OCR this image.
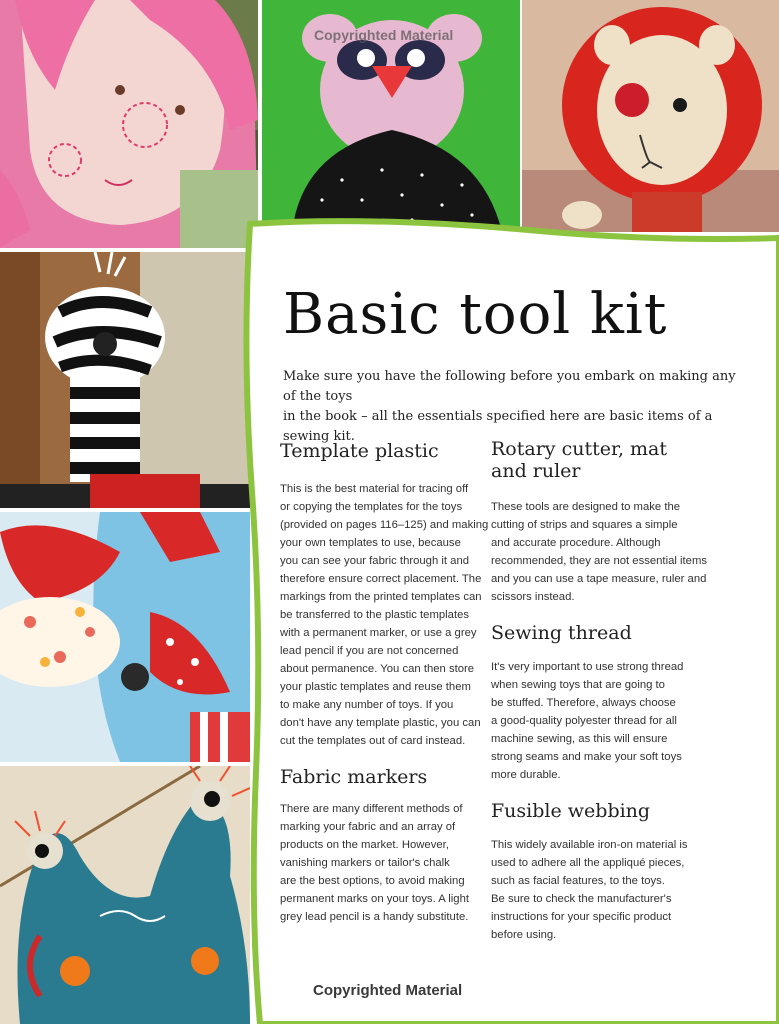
Copyrighted Material
Basic tool kit
Make sure you have the following before you embark on making any of the toys
in the book – all the essentials specified here are basic items of a sewing kit.
Template plastic
This is the best material for tracing off
or copying the templates for the toys
(provided on pages 116–125) and making
your own templates to use, because
you can see your fabric through it and
therefore ensure correct placement. The
markings from the printed templates can
be transferred to the plastic templates
with a permanent marker, or use a grey
lead pencil if you are not concerned
about permanence. You can then store
your plastic templates and reuse them
to make any number of toys. If you
don't have any template plastic, you can
cut the templates out of card instead.
Fabric markers
There are many different methods of
marking your fabric and an array of
products on the market. However,
vanishing markers or tailor's chalk
are the best options, to avoid making
permanent marks on your toys. A light
grey lead pencil is a handy substitute.
Rotary cutter, mat
and ruler
These tools are designed to make the
cutting of strips and squares a simple
and accurate procedure. Although
recommended, they are not essential items
and you can use a tape measure, ruler and
scissors instead.
Sewing thread
It's very important to use strong thread
when sewing toys that are going to
be stuffed. Therefore, always choose
a good-quality polyester thread for all
machine sewing, as this will ensure
strong seams and make your soft toys
more durable.
Fusible webbing
This widely available iron-on material is
used to adhere all the appliqué pieces,
such as facial features, to the toys.
Be sure to check the manufacturer's
instructions for your specific product
before using.
Copyrighted Material
